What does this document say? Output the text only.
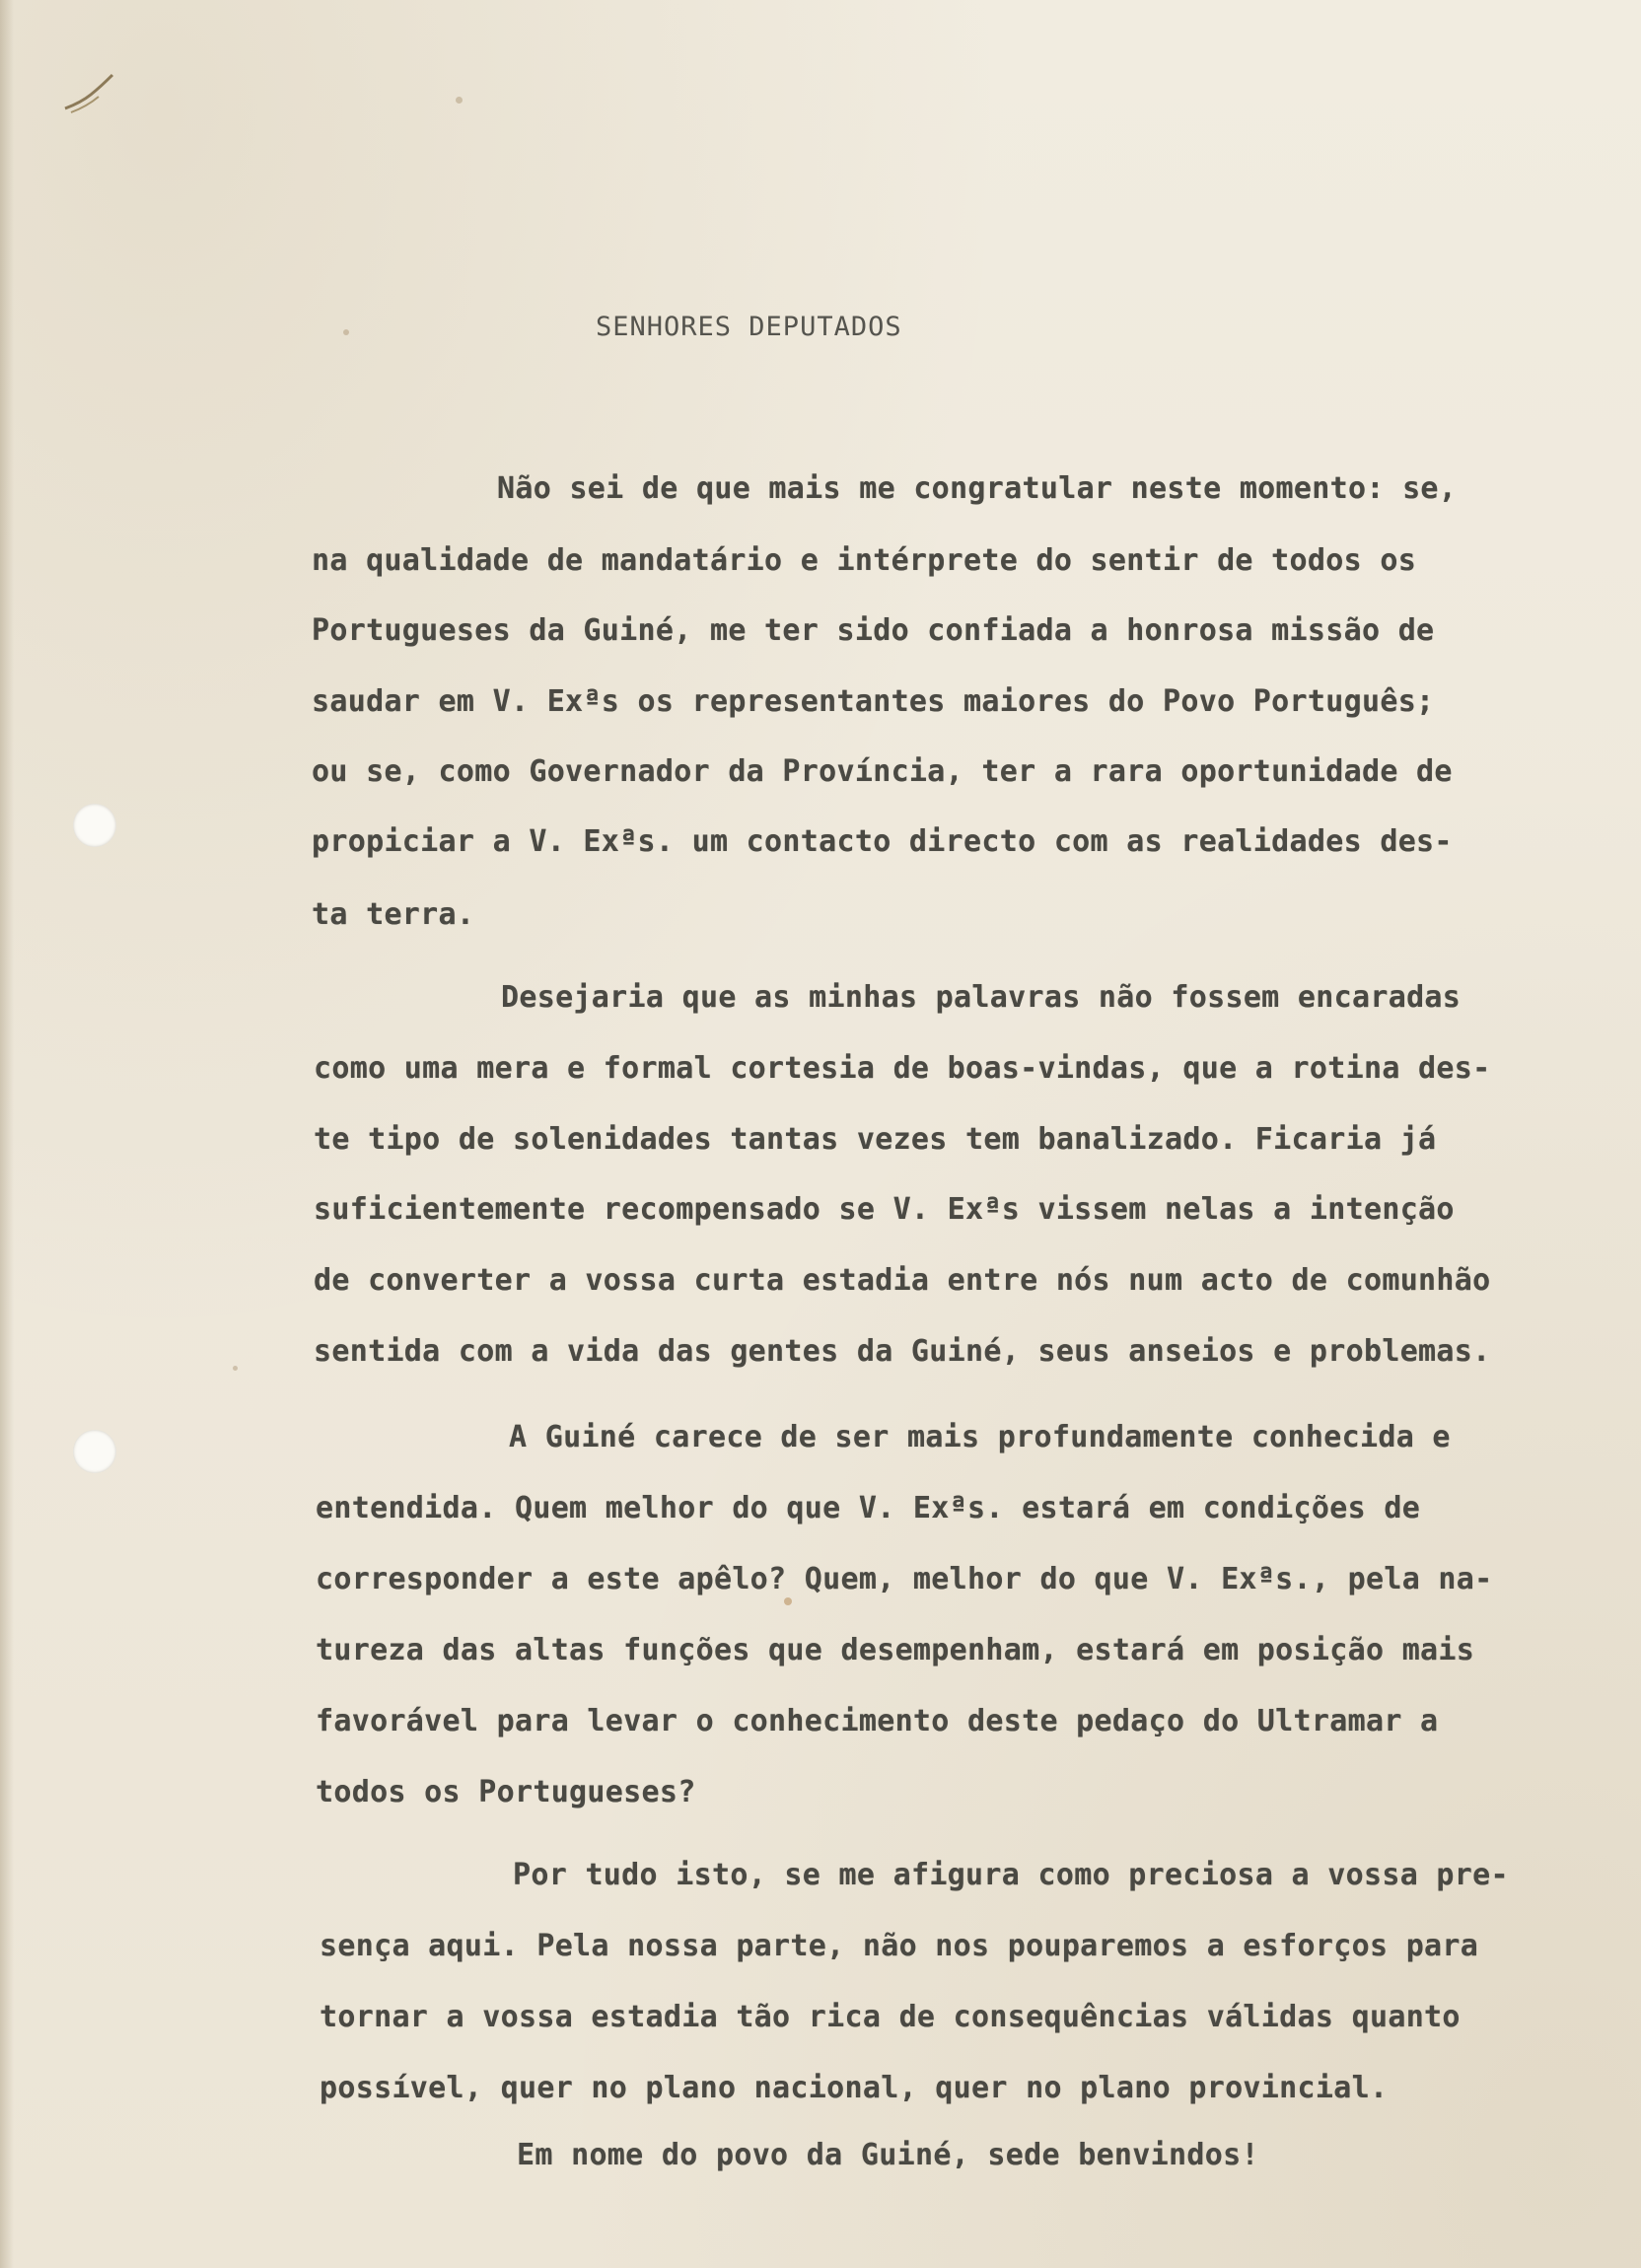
SENHORES DEPUTADOS
Não sei de que mais me congratular neste momento: se,
na qualidade de mandatário e intérprete do sentir de todos os
Portugueses da Guiné, me ter sido confiada a honrosa missão de
saudar em V. Exªs os representantes maiores do Povo Português;
ou se, como Governador da Província, ter a rara oportunidade de
propiciar a V. Exªs. um contacto directo com as realidades des-
ta terra.
Desejaria que as minhas palavras não fossem encaradas
como uma mera e formal cortesia de boas-vindas, que a rotina des-
te tipo de solenidades tantas vezes tem banalizado. Ficaria já
suficientemente recompensado se V. Exªs vissem nelas a intenção
de converter a vossa curta estadia entre nós num acto de comunhão
sentida com a vida das gentes da Guiné, seus anseios e problemas.
A Guiné carece de ser mais profundamente conhecida e
entendida. Quem melhor do que V. Exªs. estará em condições de
corresponder a este apêlo? Quem, melhor do que V. Exªs., pela na-
tureza das altas funções que desempenham, estará em posição mais
favorável para levar o conhecimento deste pedaço do Ultramar a
todos os Portugueses?
Por tudo isto, se me afigura como preciosa a vossa pre-
sença aqui. Pela nossa parte, não nos pouparemos a esforços para
tornar a vossa estadia tão rica de consequências válidas quanto
possível, quer no plano nacional, quer no plano provincial.
Em nome do povo da Guiné, sede benvindos!
